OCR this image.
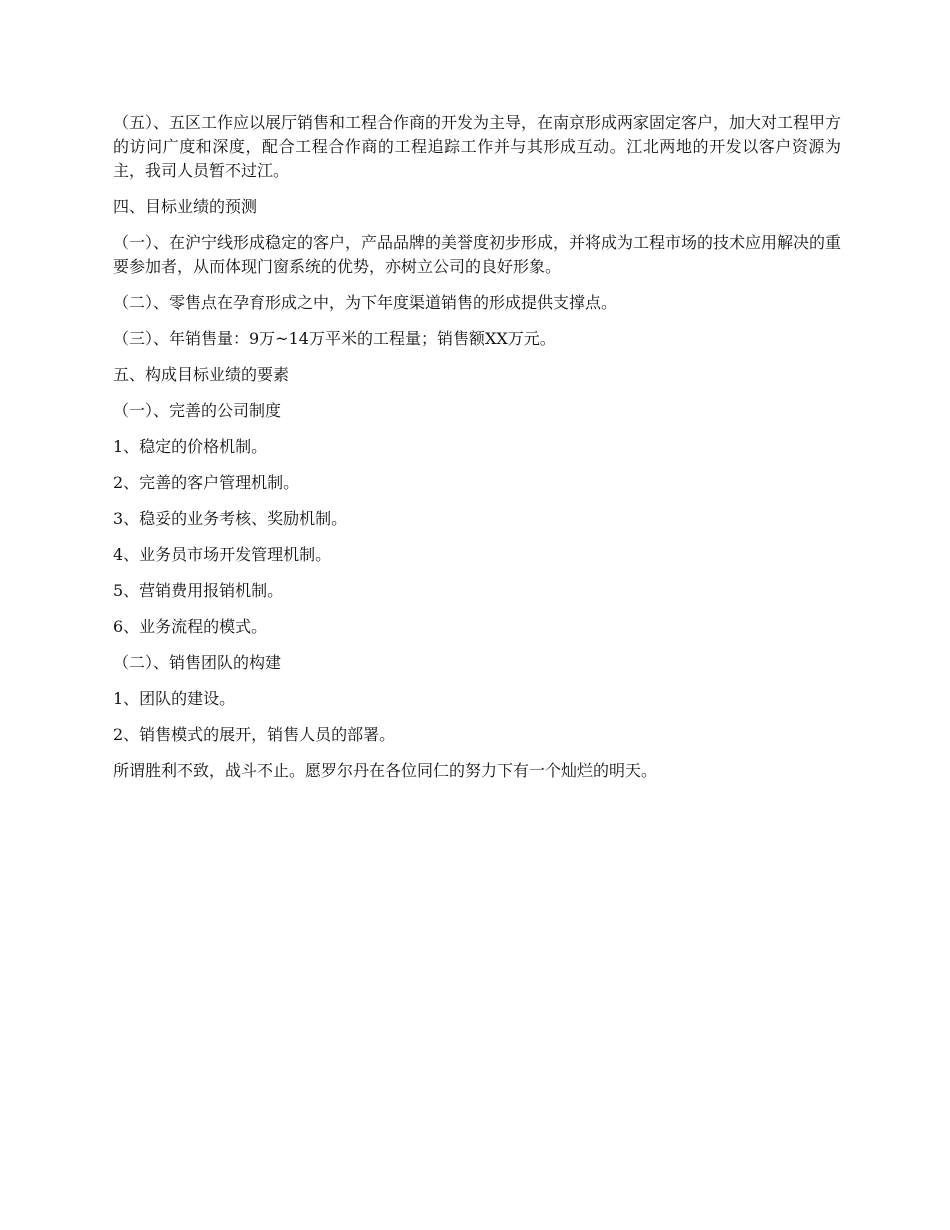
（五）、五区工作应以展厅销售和工程合作商的开发为主导，在南京形成两家固定客户，加大对工程甲方的访问广度和深度，配合工程合作商的工程追踪工作并与其形成互动。江北两地的开发以客户资源为主，我司人员暂不过江。

四、目标业绩的预测

（一）、在沪宁线形成稳定的客户，产品品牌的美誉度初步形成，并将成为工程市场的技术应用解决的重要参加者，从而体现门窗系统的优势，亦树立公司的良好形象。

（二）、零售点在孕育形成之中，为下年度渠道销售的形成提供支撑点。

（三）、年销售量：9万~14万平米的工程量；销售额XX万元。

五、构成目标业绩的要素

（一）、完善的公司制度

1、稳定的价格机制。

2、完善的客户管理机制。

3、稳妥的业务考核、奖励机制。

4、业务员市场开发管理机制。

5、营销费用报销机制。

6、业务流程的模式。

（二）、销售团队的构建

1、团队的建设。

2、销售模式的展开，销售人员的部署。

所谓胜利不致，战斗不止。愿罗尔丹在各位同仁的努力下有一个灿烂的明天。
